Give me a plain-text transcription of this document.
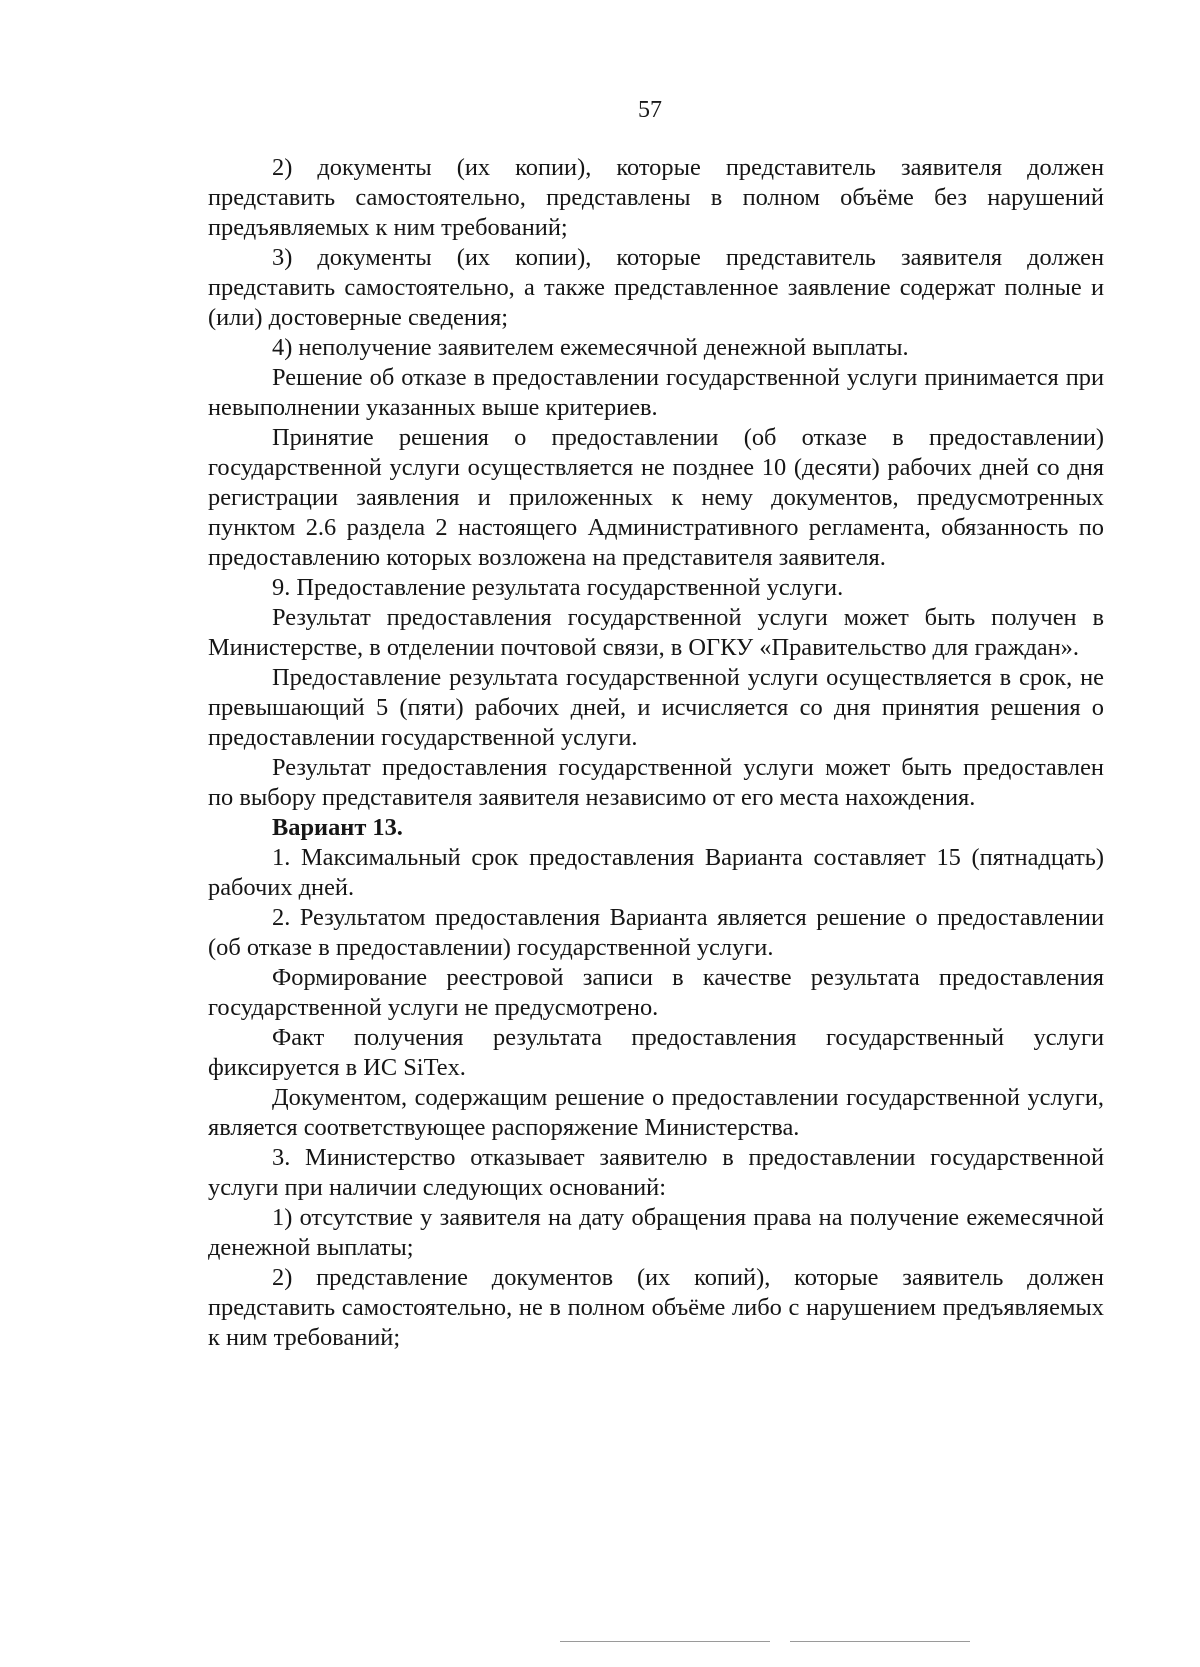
57

2) документы (их копии), которые представитель заявителя должен представить самостоятельно, представлены в полном объёме без нарушений предъявляемых к ним требований;

3) документы (их копии), которые представитель заявителя должен представить самостоятельно, а также представленное заявление содержат полные и (или) достоверные сведения;

4) неполучение заявителем ежемесячной денежной выплаты.

Решение об отказе в предоставлении государственной услуги принимается при невыполнении указанных выше критериев.

Принятие решения о предоставлении (об отказе в предоставлении) государственной услуги осуществляется не позднее 10 (десяти) рабочих дней со дня регистрации заявления и приложенных к нему документов, предусмотренных пунктом 2.6 раздела 2 настоящего Административного регламента, обязанность по предоставлению которых возложена на представителя заявителя.

9. Предоставление результата государственной услуги.

Результат предоставления государственной услуги может быть получен в Министерстве, в отделении почтовой связи, в ОГКУ «Правительство для граждан».

Предоставление результата государственной услуги осуществляется в срок, не превышающий 5 (пяти) рабочих дней, и исчисляется со дня принятия решения о предоставлении государственной услуги.

Результат предоставления государственной услуги может быть предоставлен по выбору представителя заявителя независимо от его места нахождения.

Вариант 13.

1. Максимальный срок предоставления Варианта составляет 15 (пятнадцать) рабочих дней.

2. Результатом предоставления Варианта является решение о предоставлении (об отказе в предоставлении) государственной услуги.

Формирование реестровой записи в качестве результата предоставления государственной услуги не предусмотрено.

Факт получения результата предоставления государственный услуги фиксируется в ИС SiTex.

Документом, содержащим решение о предоставлении государственной услуги, является соответствующее распоряжение Министерства.

3. Министерство отказывает заявителю в предоставлении государственной услуги при наличии следующих оснований:

1) отсутствие у заявителя на дату обращения права на получение ежемесячной денежной выплаты;

2) представление документов (их копий), которые заявитель должен представить самостоятельно, не в полном объёме либо с нарушением предъявляемых к ним требований;
